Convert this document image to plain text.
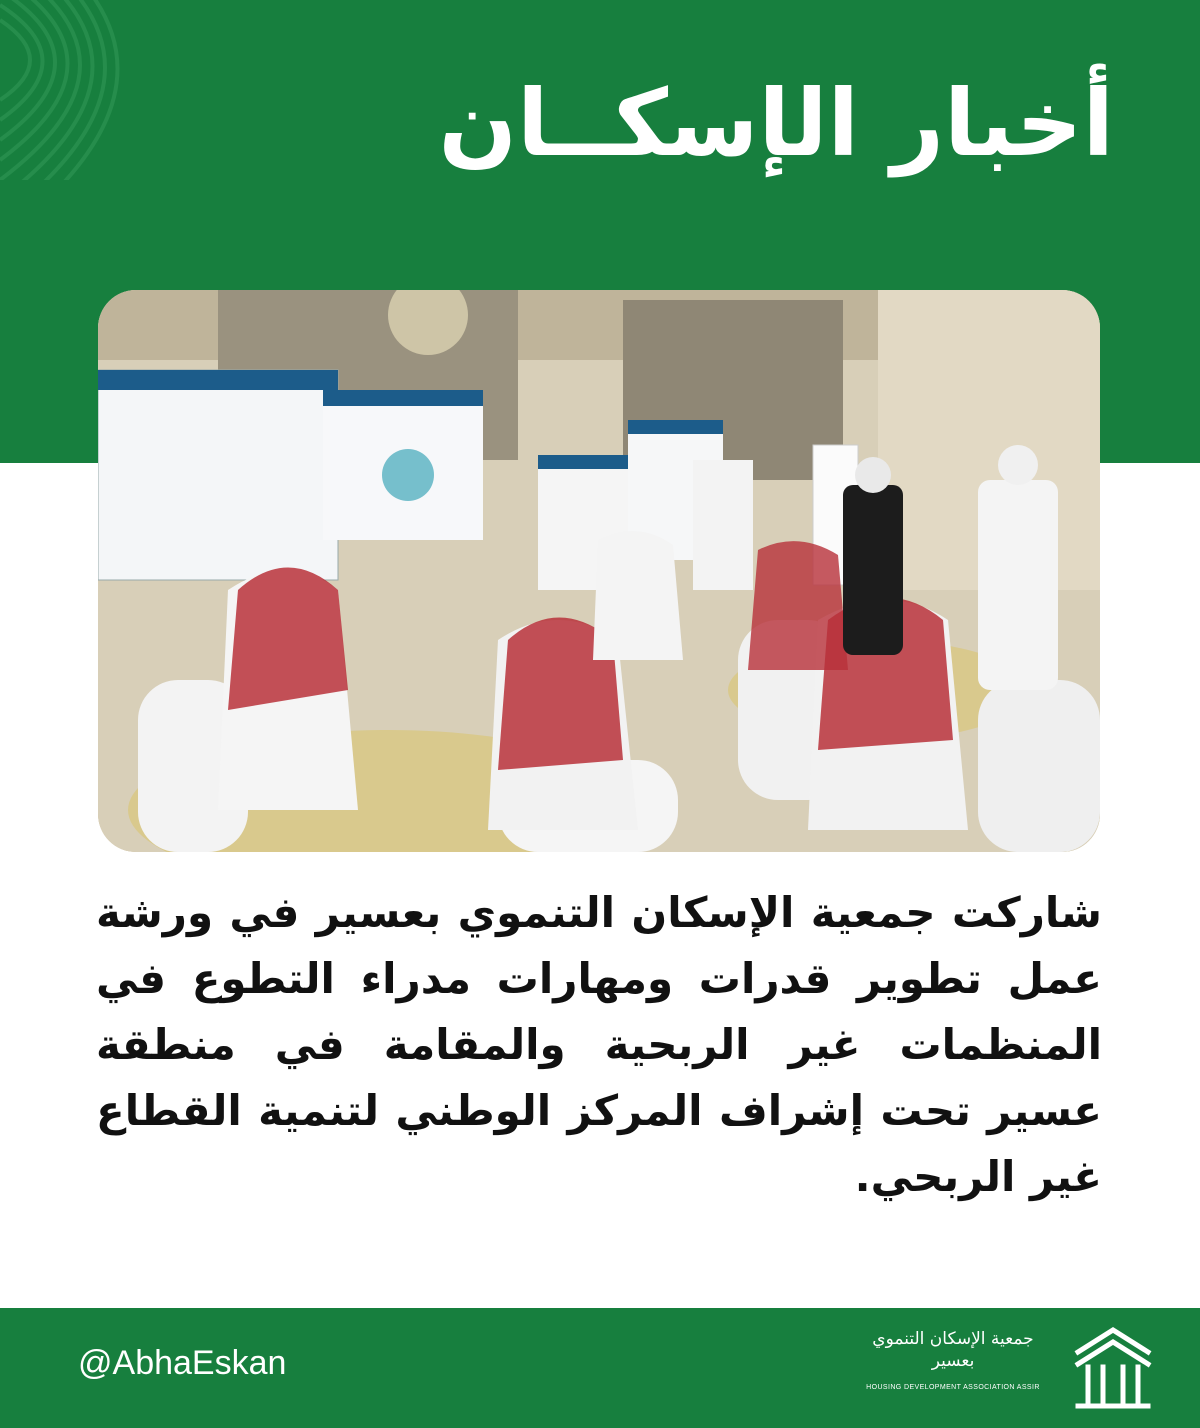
أخبار الإسكــان
شاركت جمعية الإسكان التنموي بعسير في ورشة عمل تطوير قدرات ومهارات مدراء التطوع في المنظمات غير الربحية والمقامة في منطقة عسير تحت إشراف المركز الوطني لتنمية القطاع غير الربحي.
@AbhaEskan
جمعية الإسكان التنموي
بعسير
HOUSING DEVELOPMENT ASSOCIATION ASSIR
